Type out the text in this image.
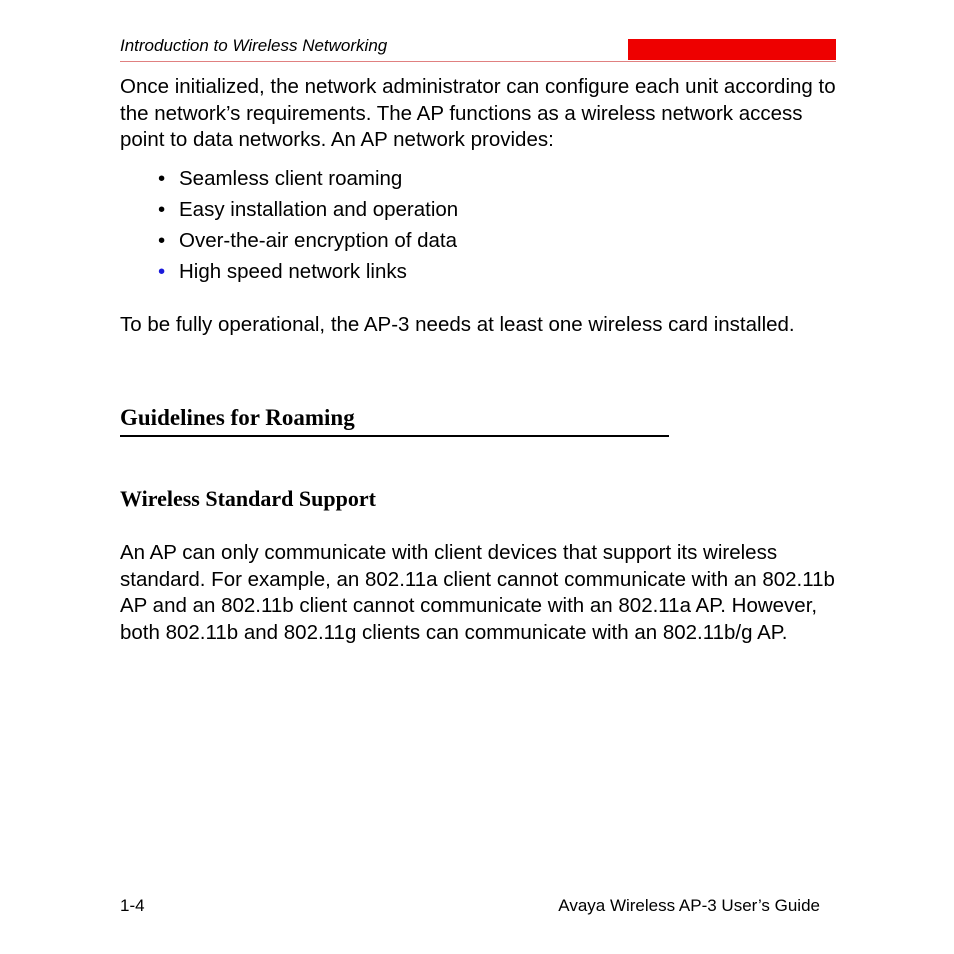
Introduction to Wireless Networking

Once initialized, the network administrator can configure each unit according to the network’s requirements. The AP functions as a wireless network access point to data networks. An AP network provides:

• Seamless client roaming
• Easy installation and operation
• Over-the-air encryption of data
• High speed network links

To be fully operational, the AP-3 needs at least one wireless card installed.

Guidelines for Roaming
Wireless Standard Support

An AP can only communicate with client devices that support its wireless standard. For example, an 802.11a client cannot communicate with an 802.11b AP and an 802.11b client cannot communicate with an 802.11a AP. However, both 802.11b and 802.11g clients can communicate with an 802.11b/g AP.

1-4	Avaya Wireless AP-3 User’s Guide
